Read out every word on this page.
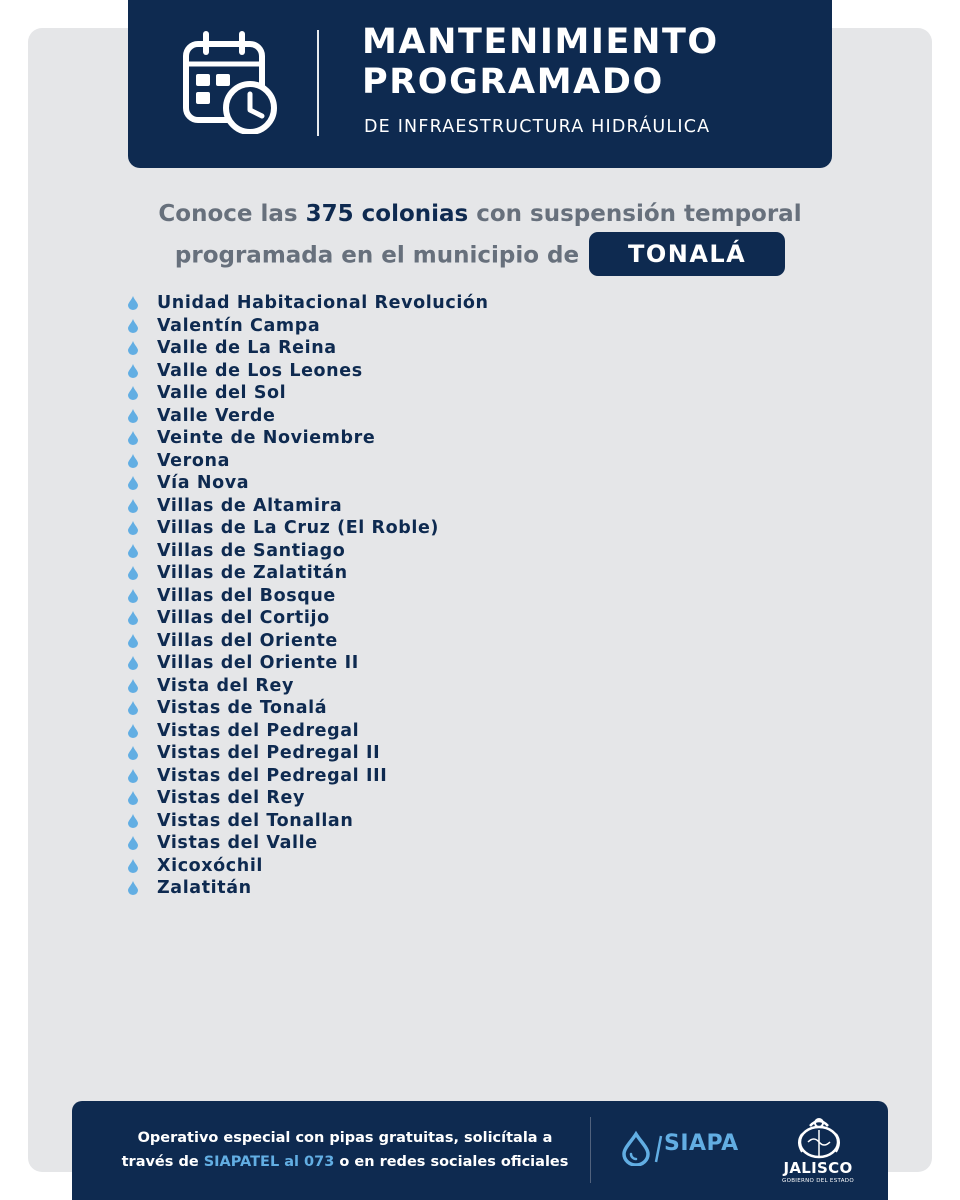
MANTENIMIENTO
PROGRAMADO
DE INFRAESTRUCTURA HIDRÁULICA
Conoce las 375 colonias con suspensión temporal
programada en el municipio de TONALÁ
Unidad Habitacional Revolución
Valentín Campa
Valle de La Reina
Valle de Los Leones
Valle del Sol
Valle Verde
Veinte de Noviembre
Verona
Vía Nova
Villas de Altamira
Villas de La Cruz (El Roble)
Villas de Santiago
Villas de Zalatitán
Villas del Bosque
Villas del Cortijo
Villas del Oriente
Villas del Oriente II
Vista del Rey
Vistas de Tonalá
Vistas del Pedregal
Vistas del Pedregal II
Vistas del Pedregal III
Vistas del Rey
Vistas del Tonallan
Vistas del Valle
Xicoxóchil
Zalatitán
Operativo especial con pipas gratuitas, solicítala a
través de SIAPATEL al 073 o en redes sociales oficiales
SIAPA
JALISCO
GOBIERNO DEL ESTADO
